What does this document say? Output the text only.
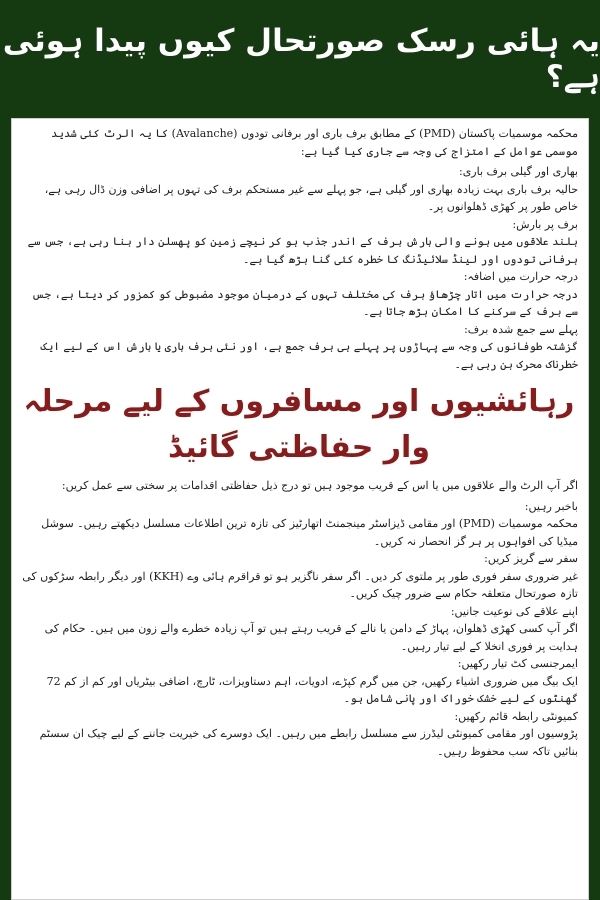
یہ ہائی رسک صورتحال کیوں پیدا ہوئی ہے؟

محکمہ موسمیات پاکستان (PMD) کے مطابق برف باری اور برفانی تودوں (Avalanche) کا یہ الرٹ کئی شدید موسمی عوامل کے امتزاج کی وجہ سے جاری کیا گیا ہے:

بھاری اور گیلی برف باری:

حالیہ برف باری بہت زیادہ بھاری اور گیلی ہے، جو پہلے سے غیر مستحکم برف کی تہوں پر اضافی وزن ڈال رہی ہے، خاص طور پر کھڑی ڈھلوانوں پر۔

برف پر بارش:

بلند علاقوں میں ہونے والی بارش برف کے اندر جذب ہو کر نیچے زمین کو پھسلن دار بنا رہی ہے، جس سے برفانی تودوں اور لینڈ سلائیڈنگ کا خطرہ کئی گنا بڑھ گیا ہے۔

درجہ حرارت میں اضافہ:

درجہ حرارت میں اتار چڑھاؤ برف کی مختلف تہوں کے درمیان موجود مضبوطی کو کمزور کر دیتا ہے، جس سے برف کے سرکنے کا امکان بڑھ جاتا ہے۔

پہلے سے جمع شدہ برف:

گزشتہ طوفانوں کی وجہ سے پہاڑوں پر پہلے ہی برف جمع ہے، اور نئی برف باری یا بارش اس کے لیے ایک خطرناک محرک بن رہی ہے۔

رہائشیوں اور مسافروں کے لیے مرحلہ وار حفاظتی گائیڈ

اگر آپ الرٹ والے علاقوں میں یا اس کے قریب موجود ہیں تو درج ذیل حفاظتی اقدامات پر سختی سے عمل کریں:

باخبر رہیں:

محکمہ موسمیات (PMD) اور مقامی ڈیزاسٹر مینجمنٹ اتھارٹیز کی تازہ ترین اطلاعات مسلسل دیکھتے رہیں۔ سوشل میڈیا کی افواہوں پر ہر گز انحصار نہ کریں۔

سفر سے گریز کریں:

غیر ضروری سفر فوری طور پر ملتوی کر دیں۔ اگر سفر ناگزیر ہو تو قراقرم ہائی وے (KKH) اور دیگر رابطہ سڑکوں کی تازہ صورتحال متعلقہ حکام سے ضرور چیک کریں۔

اپنے علاقے کی نوعیت جانیں:

اگر آپ کسی کھڑی ڈھلوان، پہاڑ کے دامن یا نالے کے قریب رہتے ہیں تو آپ زیادہ خطرے والے زون میں ہیں۔ حکام کی ہدایت پر فوری انخلا کے لیے تیار رہیں۔

ایمرجنسی کٹ تیار رکھیں:

ایک بیگ میں ضروری اشیاء رکھیں، جن میں گرم کپڑے، ادویات، اہم دستاویزات، ٹارچ، اضافی بیٹریاں اور کم از کم 72 گھنٹوں کے لیے خشک خوراک اور پانی شامل ہو۔

کمیونٹی رابطہ قائم رکھیں:

پڑوسیوں اور مقامی کمیونٹی لیڈرز سے مسلسل رابطے میں رہیں۔ ایک دوسرے کی خیریت جاننے کے لیے چیک ان سسٹم بنائیں تاکہ سب محفوظ رہیں۔
